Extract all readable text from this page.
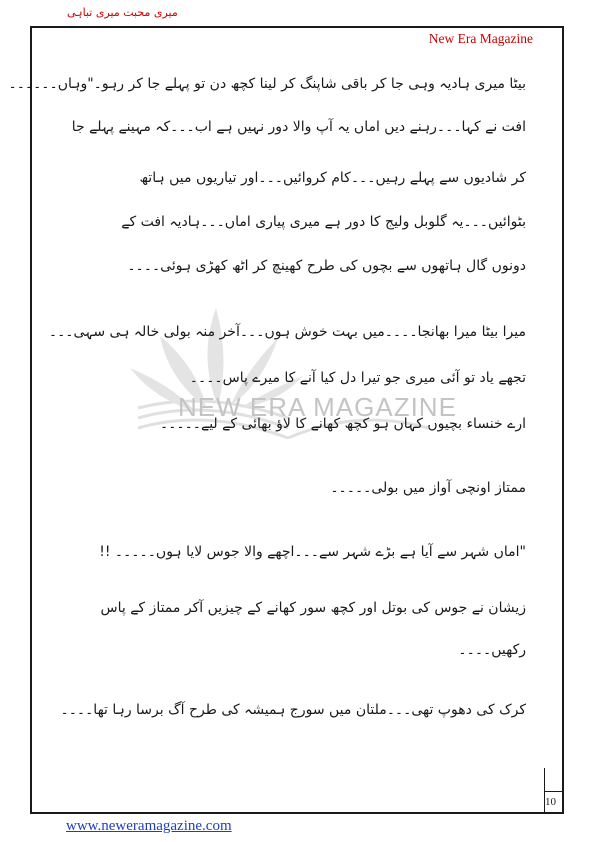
میری محبت میری تباہی
New Era Magazine
NEW ERA MAGAZINE
بیٹا میری ہادیہ وہی جا کر باقی شاپنگ کر لینا کچھ دن تو پہلے جا کر رہو۔"وہاں۔۔۔۔۔۔
افت نے کہا۔۔۔رہنے دیں اماں یہ آپ والا دور نہیں ہے اب۔۔۔کہ مہینے پہلے جا
کر شادیوں سے پہلے رہیں۔۔۔کام کروائیں۔۔۔اور تیاریوں میں ہاتھ
بٹوائیں۔۔۔یہ گلوبل ولیج کا دور ہے میری پیاری اماں۔۔۔ہادیہ افت کے
دونوں گال ہاتھوں سے بچوں کی طرح کھینچ کر اٹھ کھڑی ہوئی۔۔۔۔
میرا بیٹا میرا بھانجا۔۔۔۔میں بہت خوش ہوں۔۔۔آخر منہ بولی خالہ ہی سہی۔۔۔
تجھے یاد تو آئی میری جو تیرا دل کیا آنے کا میرے پاس۔۔۔۔
ارے خنساء بچیوں کہاں ہو کچھ کھانے کا لاؤ بھائی کے لیے۔۔۔۔۔
ممتاز اونچی آواز میں بولی۔۔۔۔۔
"اماں شہر سے آیا ہے بڑے شہر سے۔۔۔اچھے والا جوس لایا ہوں۔۔۔۔۔ !!
زیشان نے جوس کی بوتل اور کچھ سور کھانے کے چیزیں آکر ممتاز کے پاس
رکھیں۔۔۔۔
کرک کی دھوپ تھی۔۔۔ملتان میں سورج ہمیشہ کی طرح آگ برسا رہا تھا۔۔۔۔
10
www.neweramagazine.com
